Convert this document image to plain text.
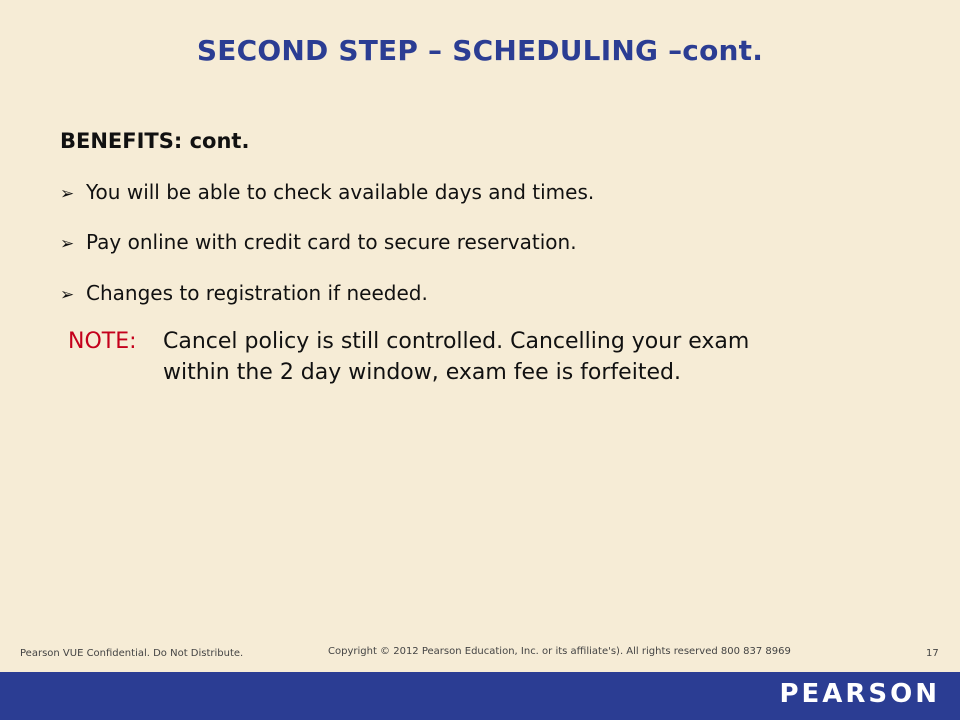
SECOND STEP – SCHEDULING –cont.
BENEFITS: cont.
➢ You will be able to check available days and times.
➢ Pay online with credit card to secure reservation.
➢ Changes to registration if needed.
NOTE: Cancel policy is still controlled. Cancelling your exam
within the 2 day window, exam fee is forfeited.
Pearson VUE Confidential. Do Not Distribute.	Copyright © 2012 Pearson Education, Inc. or its affiliate's). All rights reserved 800 837 8969	17
PEARSON
